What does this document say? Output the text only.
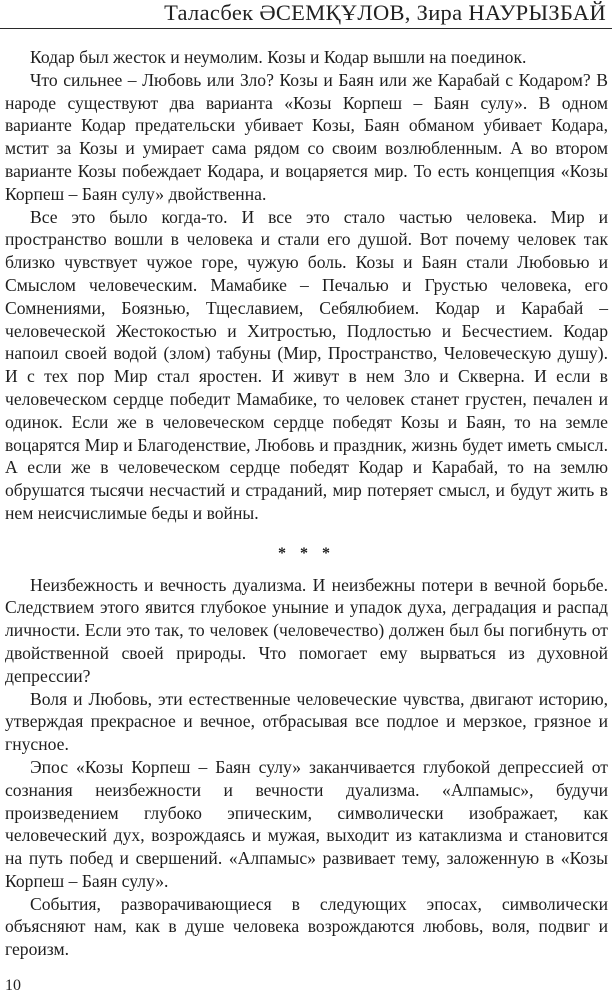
Таласбек ӘСЕМҚҰЛОВ, Зира НАУРЫЗБАЙ

Кодар был жесток и неумолим. Козы и Кодар вышли на поединок.

Что сильнее – Любовь или Зло? Козы и Баян или же Карабай с Кодаром? В народе существуют два варианта «Козы Корпеш – Баян сулу». В одном варианте Кодар предательски убивает Козы, Баян обманом убивает Кодара, мстит за Козы и умирает сама рядом со своим возлюбленным. А во втором варианте Козы побеждает Кодара, и воцаряется мир. То есть концепция «Козы Корпеш – Баян сулу» двойственна.

Все это было когда-то. И все это стало частью человека. Мир и пространство вошли в человека и стали его душой. Вот почему человек так близко чувствует чужое горе, чужую боль. Козы и Баян стали Любовью и Смыслом человеческим. Мамабике – Печалью и Грустью человека, его Сомнениями, Боязнью, Тщеславием, Себялюбием. Кодар и Карабай – человеческой Жестокостью и Хитростью, Подлостью и Бесчестием. Кодар напоил своей водой (злом) табуны (Мир, Пространство, Человеческую душу). И с тех пор Мир стал яростен. И живут в нем Зло и Скверна. И если в человеческом сердце победит Мамабике, то человек станет грустен, печален и одинок. Если же в человеческом сердце победят Козы и Баян, то на земле воцарятся Мир и Благоденствие, Любовь и праздник, жизнь будет иметь смысл. А если же в человеческом сердце победят Кодар и Карабай, то на землю обрушатся тысячи несчастий и страданий, мир потеряет смысл, и будут жить в нем неисчислимые беды и войны.

* * *

Неизбежность и вечность дуализма. И неизбежны потери в вечной борьбе. Следствием этого явится глубокое уныние и упадок духа, деградация и распад личности. Если это так, то человек (человечество) должен был бы погибнуть от двойственной своей природы. Что помогает ему вырваться из духовной депрессии?

Воля и Любовь, эти естественные человеческие чувства, двигают историю, утверждая прекрасное и вечное, отбрасывая все подлое и мерзкое, грязное и гнусное.

Эпос «Козы Корпеш – Баян сулу» заканчивается глубокой депрессией от сознания неизбежности и вечности дуализма. «Алпамыс», будучи произведением глубоко эпическим, символически изображает, как человеческий дух, возрождаясь и мужая, выходит из катаклизма и становится на путь побед и свершений. «Алпамыс» развивает тему, заложенную в «Козы Корпеш – Баян сулу».

События, разворачивающиеся в следующих эпосах, символически объясняют нам, как в душе человека возрождаются любовь, воля, подвиг и героизм.

10
